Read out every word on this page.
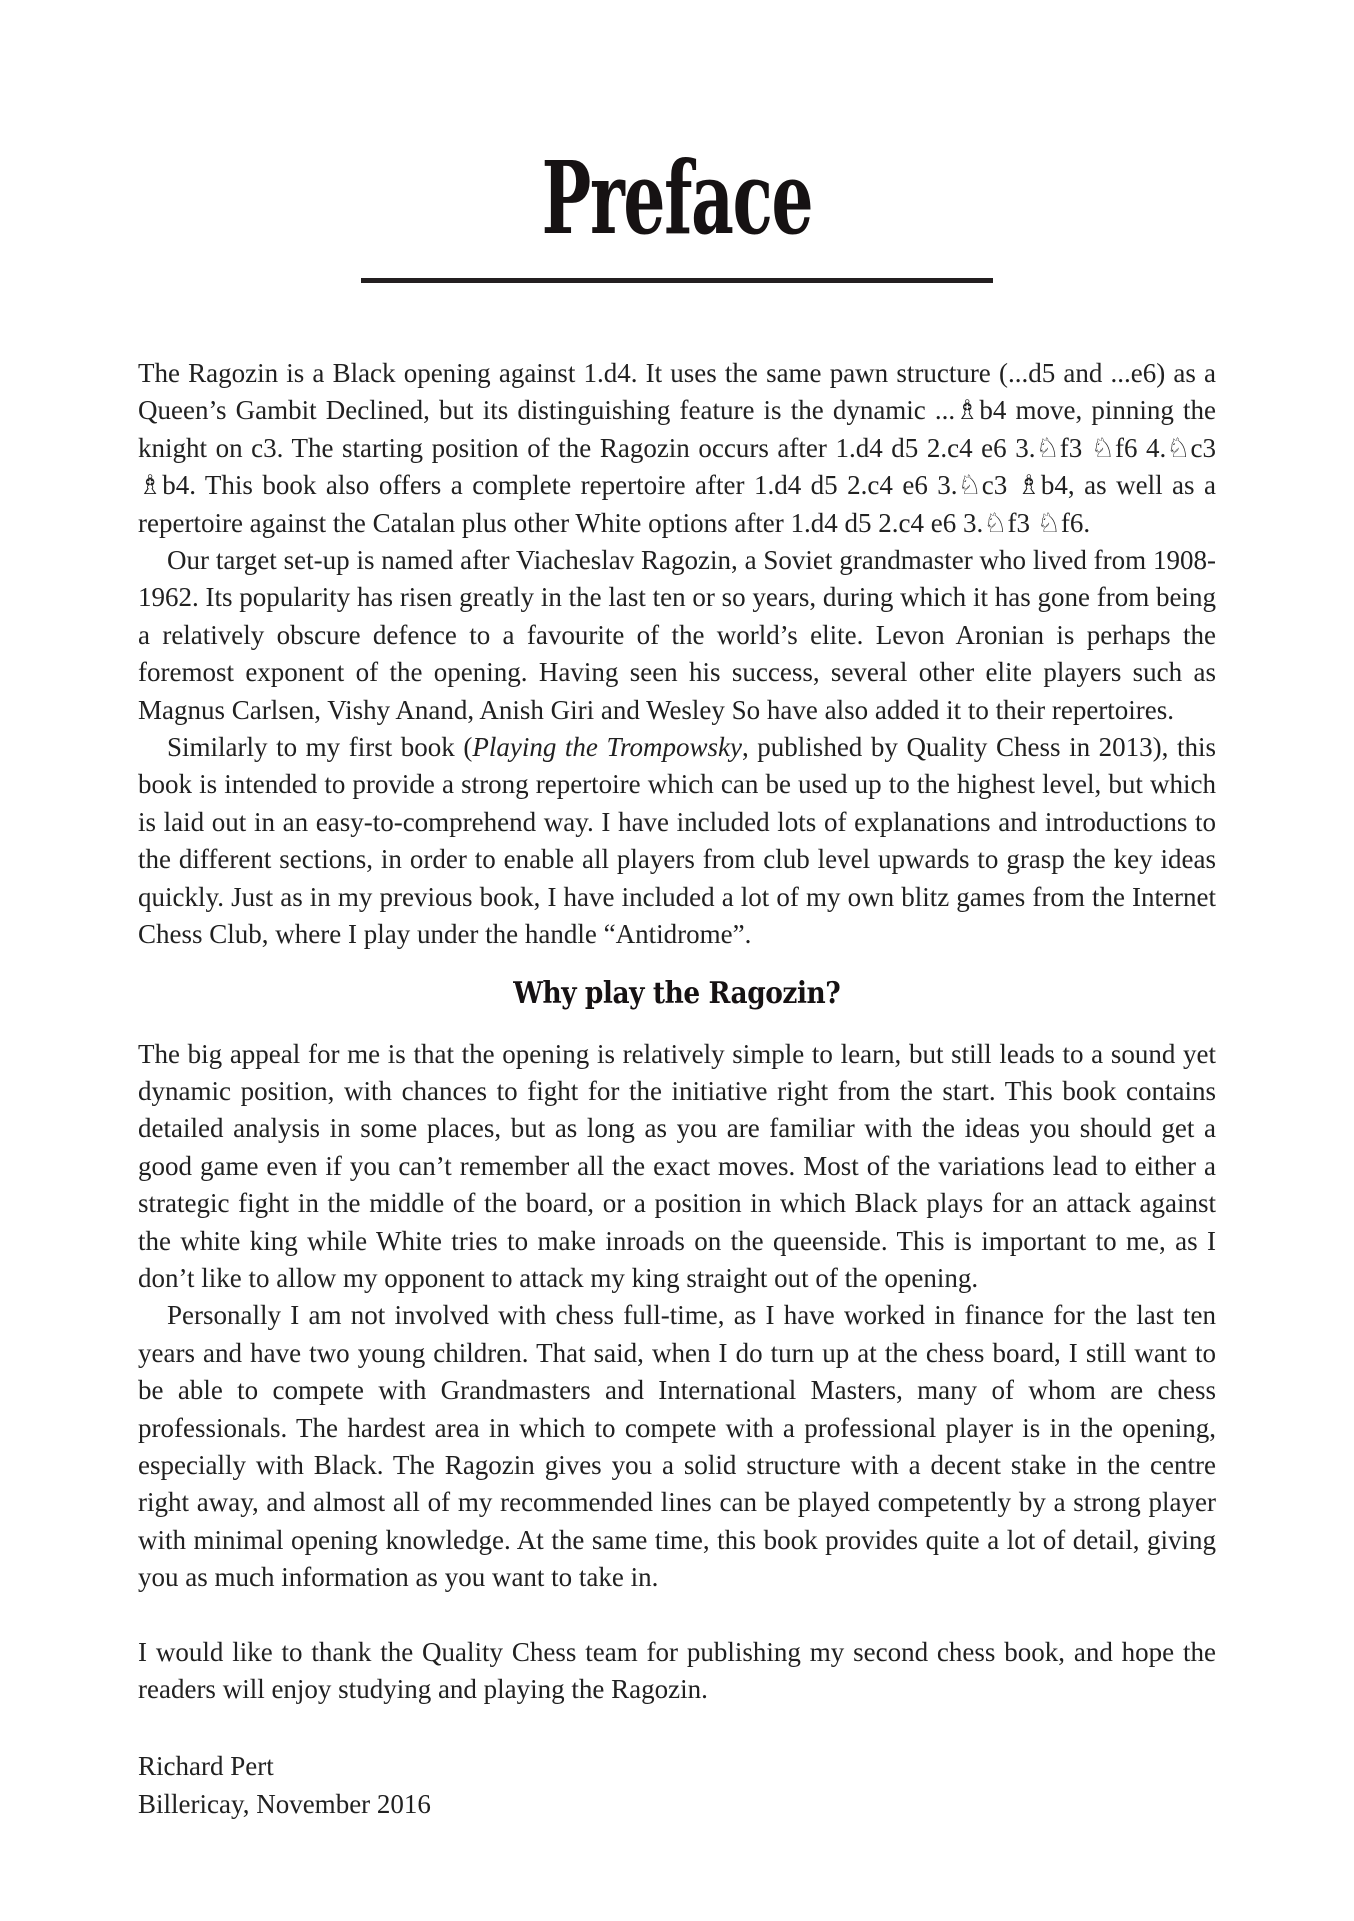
Preface

The Ragozin is a Black opening against 1.d4. It uses the same pawn structure (...d5 and ...e6) as a Queen’s Gambit Declined, but its distinguishing feature is the dynamic ...♗b4 move, pinning the knight on c3. The starting position of the Ragozin occurs after 1.d4 d5 2.c4 e6 3.♘f3 ♘f6 4.♘c3 ♗b4. This book also offers a complete repertoire after 1.d4 d5 2.c4 e6 3.♘c3 ♗b4, as well as a repertoire against the Catalan plus other White options after 1.d4 d5 2.c4 e6 3.♘f3 ♘f6.

Our target set-up is named after Viacheslav Ragozin, a Soviet grandmaster who lived from 1908-1962. Its popularity has risen greatly in the last ten or so years, during which it has gone from being a relatively obscure defence to a favourite of the world’s elite. Levon Aronian is perhaps the foremost exponent of the opening. Having seen his success, several other elite players such as Magnus Carlsen, Vishy Anand, Anish Giri and Wesley So have also added it to their repertoires.

Similarly to my first book (Playing the Trompowsky, published by Quality Chess in 2013), this book is intended to provide a strong repertoire which can be used up to the highest level, but which is laid out in an easy-to-comprehend way. I have included lots of explanations and introductions to the different sections, in order to enable all players from club level upwards to grasp the key ideas quickly. Just as in my previous book, I have included a lot of my own blitz games from the Internet Chess Club, where I play under the handle “Antidrome”.

Why play the Ragozin?

The big appeal for me is that the opening is relatively simple to learn, but still leads to a sound yet dynamic position, with chances to fight for the initiative right from the start. This book contains detailed analysis in some places, but as long as you are familiar with the ideas you should get a good game even if you can’t remember all the exact moves. Most of the variations lead to either a strategic fight in the middle of the board, or a position in which Black plays for an attack against the white king while White tries to make inroads on the queenside. This is important to me, as I don’t like to allow my opponent to attack my king straight out of the opening.

Personally I am not involved with chess full-time, as I have worked in finance for the last ten years and have two young children. That said, when I do turn up at the chess board, I still want to be able to compete with Grandmasters and International Masters, many of whom are chess professionals. The hardest area in which to compete with a professional player is in the opening, especially with Black. The Ragozin gives you a solid structure with a decent stake in the centre right away, and almost all of my recommended lines can be played competently by a strong player with minimal opening knowledge. At the same time, this book provides quite a lot of detail, giving you as much information as you want to take in.

I would like to thank the Quality Chess team for publishing my second chess book, and hope the readers will enjoy studying and playing the Ragozin.

Richard Pert
Billericay, November 2016
